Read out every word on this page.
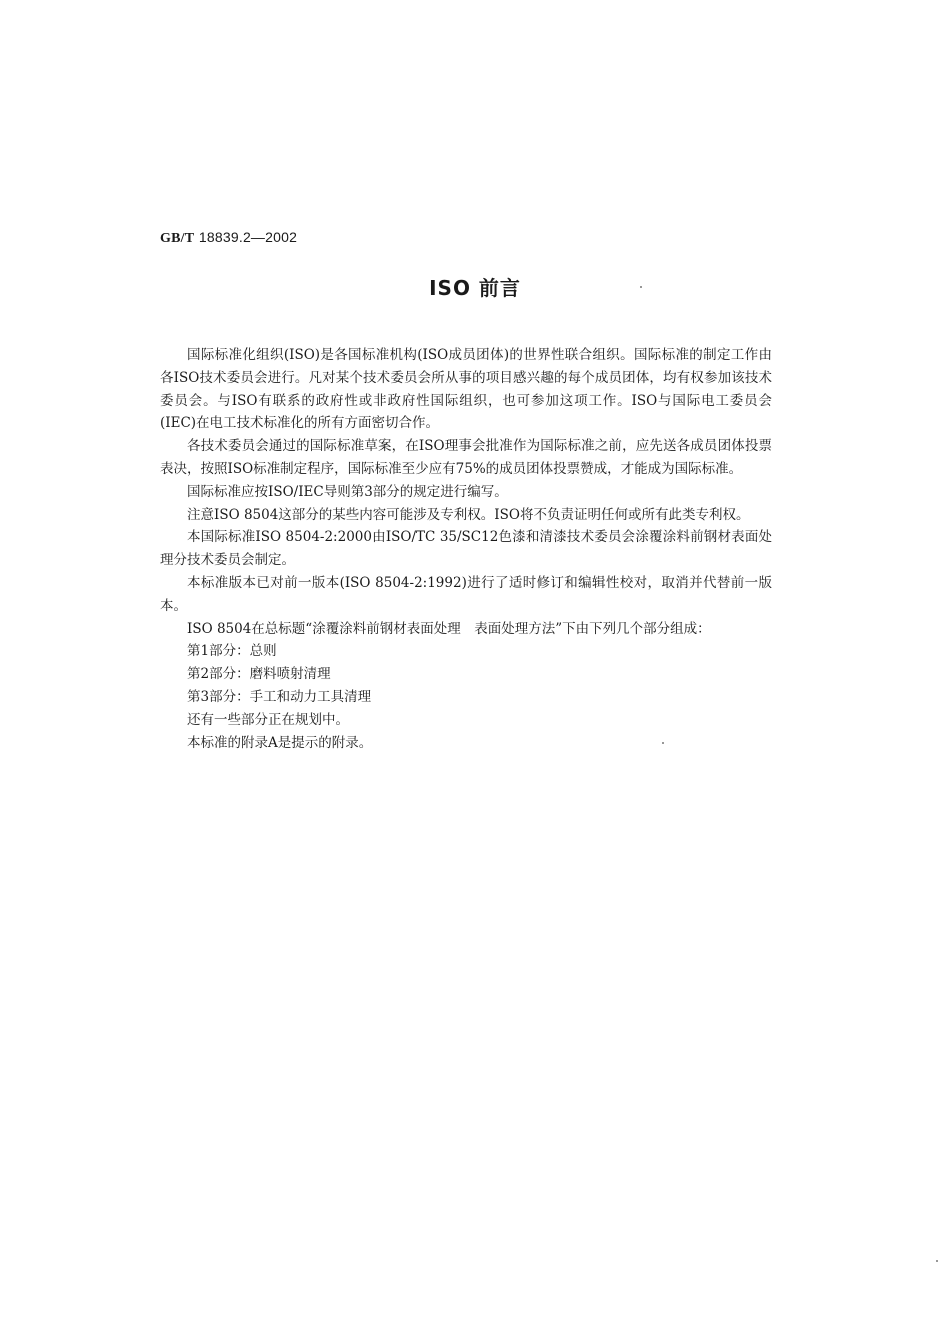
GB/T 18839.2—2002
ISO 前言

国际标准化组织(ISO)是各国标准机构(ISO成员团体)的世界性联合组织。国际标准的制定工作由各ISO技术委员会进行。凡对某个技术委员会所从事的项目感兴趣的每个成员团体，均有权参加该技术委员会。与ISO有联系的政府性或非政府性国际组织，也可参加这项工作。ISO与国际电工委员会(IEC)在电工技术标准化的所有方面密切合作。

各技术委员会通过的国际标准草案，在ISO理事会批准作为国际标准之前，应先送各成员团体投票表决，按照ISO标准制定程序，国际标准至少应有75%的成员团体投票赞成，才能成为国际标准。

国际标准应按ISO/IEC导则第3部分的规定进行编写。

注意ISO 8504这部分的某些内容可能涉及专利权。ISO将不负责证明任何或所有此类专利权。

本国际标准ISO 8504-2:2000由ISO/TC 35/SC12色漆和清漆技术委员会涂覆涂料前钢材表面处理分技术委员会制定。

本标准版本已对前一版本(ISO 8504-2:1992)进行了适时修订和编辑性校对，取消并代替前一版本。

ISO 8504在总标题“涂覆涂料前钢材表面处理　表面处理方法”下由下列几个部分组成：

第1部分：总则

第2部分：磨料喷射清理

第3部分：手工和动力工具清理

还有一些部分正在规划中。

本标准的附录A是提示的附录。
